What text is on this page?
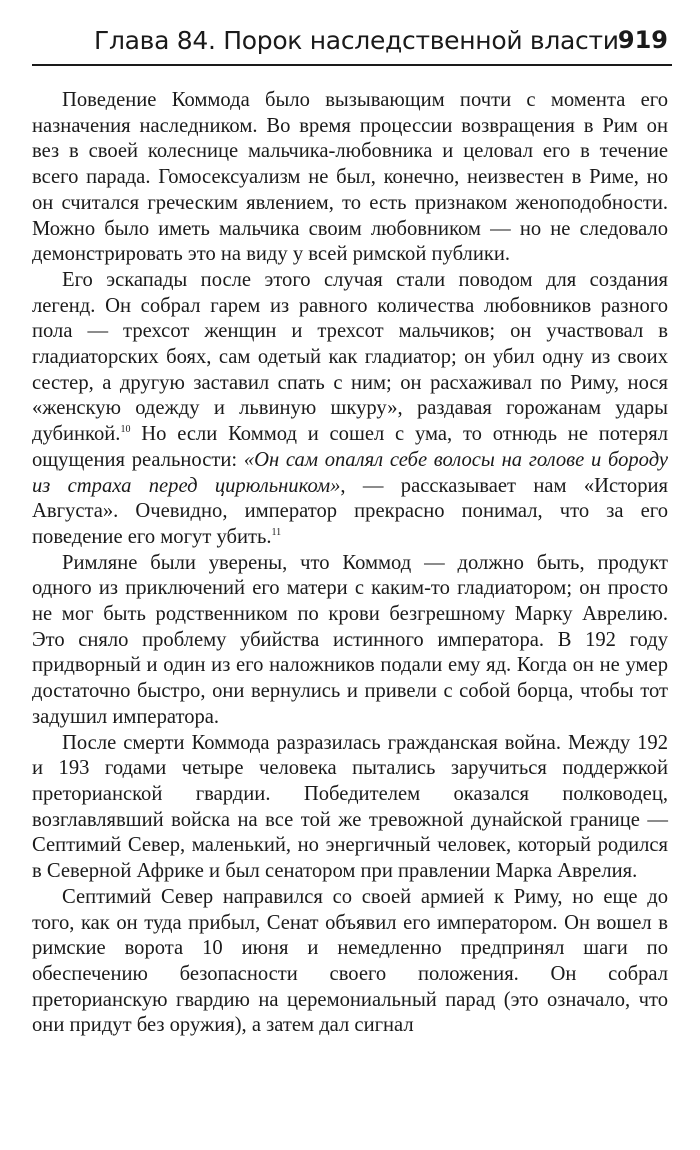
Глава 84. Порок наследственной власти 919

Поведение Коммода было вызывающим почти с момента его назначения наследником. Во время процессии возвращения в Рим он вез в своей колеснице мальчика-любовника и целовал его в течение всего парада. Гомосексуализм не был, конечно, неизвестен в Риме, но он считался греческим явлением, то есть признаком женоподобности. Можно было иметь мальчика своим любовником — но не следовало демонстрировать это на виду у всей римской публики.

Его эскапады после этого случая стали поводом для создания легенд. Он собрал гарем из равного количества любовников разного пола — трехсот женщин и трехсот мальчиков; он участвовал в гладиаторских боях, сам одетый как гладиатор; он убил одну из своих сестер, а другую заставил спать с ним; он расхаживал по Риму, нося «женскую одежду и львиную шкуру», раздавая горожанам удары дубинкой.$^{10}$ Но если Коммод и сошел с ума, то отнюдь не потерял ощущения реальности: «Он сам опалял себе волосы на голове и бороду из страха перед цирюльником», — рассказывает нам «История Августа». Очевидно, император прекрасно понимал, что за его поведение его могут убить.$^{11}$

Римляне были уверены, что Коммод — должно быть, продукт одного из приключений его матери с каким-то гладиатором; он просто не мог быть родственником по крови безгрешному Марку Аврелию. Это сняло проблему убийства истинного императора. В 192 году придворный и один из его наложников подали ему яд. Когда он не умер достаточно быстро, они вернулись и привели с собой борца, чтобы тот задушил императора.

После смерти Коммода разразилась гражданская война. Между 192 и 193 годами четыре человека пытались заручиться поддержкой преторианской гвардии. Победителем оказался полководец, возглавлявший войска на все той же тревожной дунайской границе — Септимий Север, маленький, но энергичный человек, который родился в Северной Африке и был сенатором при правлении Марка Аврелия.

Септимий Север направился со своей армией к Риму, но еще до того, как он туда прибыл, Сенат объявил его императором. Он вошел в римские ворота 10 июня и немедленно предпринял шаги по обеспечению безопасности своего положения. Он собрал преторианскую гвардию на церемониальный парад (это означало, что они придут без оружия), а затем дал сигнал
